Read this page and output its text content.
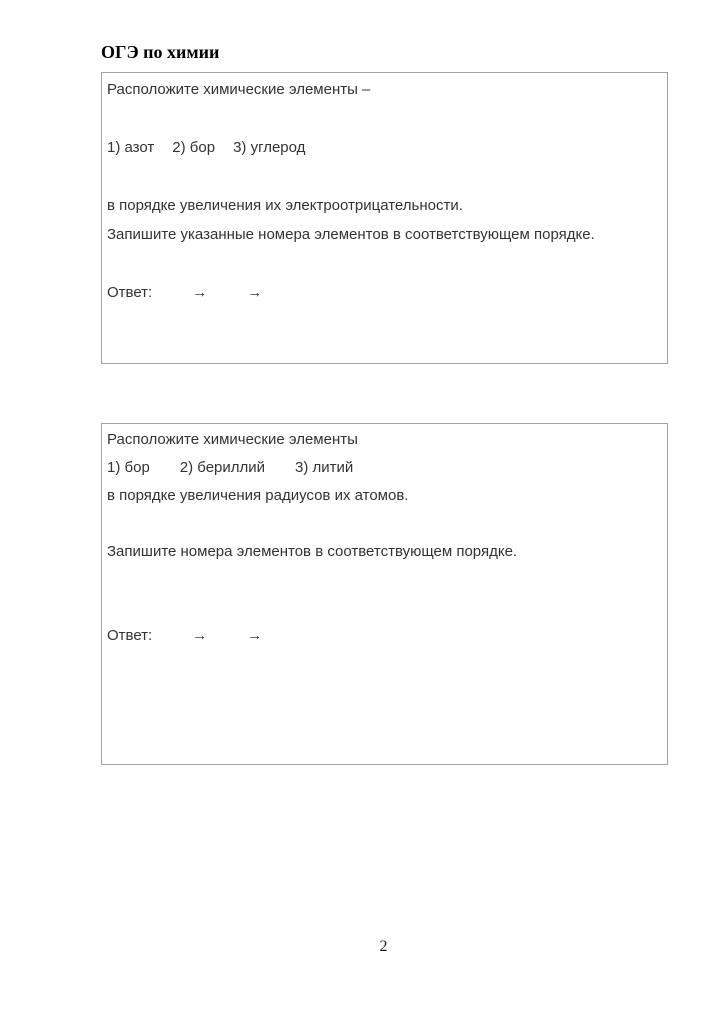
ОГЭ по химии
Расположите химические элементы –
1) азот 2) бор 3) углерод
в порядке увеличения их электроотрицательности.
Запишите указанные номера элементов в соответствующем порядке.
Ответ:	→	→
Расположите химические элементы
1) бор 2) бериллий 3) литий
в порядке увеличения радиусов их атомов.
Запишите номера элементов в соответствующем порядке.
Ответ:	→	→
2
